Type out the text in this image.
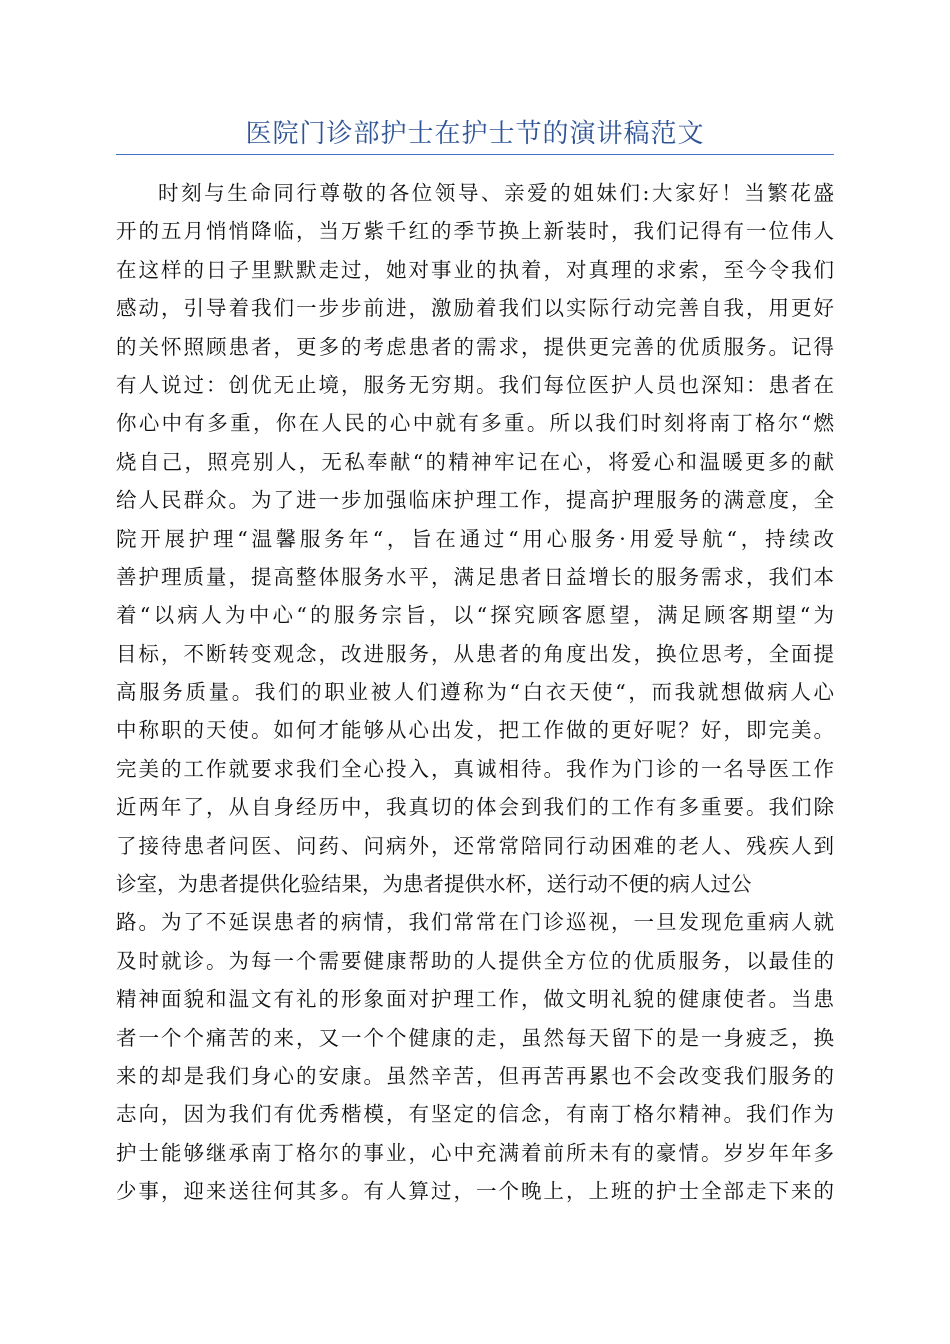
医院门诊部护士在护士节的演讲稿范文
时刻与生命同行尊敬的各位领导、亲爱的姐妹们:大家好！当繁花盛
开的五月悄悄降临，当万紫千红的季节换上新装时，我们记得有一位伟人
在这样的日子里默默走过，她对事业的执着，对真理的求索，至今令我们
感动，引导着我们一步步前进，激励着我们以实际行动完善自我，用更好
的关怀照顾患者，更多的考虑患者的需求，提供更完善的优质服务。记得
有人说过：创优无止境，服务无穷期。我们每位医护人员也深知：患者在
你心中有多重，你在人民的心中就有多重。所以我们时刻将南丁格尔“燃
烧自己，照亮别人，无私奉献“的精神牢记在心，将爱心和温暖更多的献
给人民群众。为了进一步加强临床护理工作，提高护理服务的满意度，全
院开展护理“温馨服务年“，旨在通过“用心服务·用爱导航“，持续改
善护理质量，提高整体服务水平，满足患者日益增长的服务需求，我们本
着“以病人为中心“的服务宗旨，以“探究顾客愿望，满足顾客期望“为
目标，不断转变观念，改进服务，从患者的角度出发，换位思考，全面提
高服务质量。我们的职业被人们遵称为“白衣天使“，而我就想做病人心
中称职的天使。如何才能够从心出发，把工作做的更好呢？好，即完美。
完美的工作就要求我们全心投入，真诚相待。我作为门诊的一名导医工作
近两年了，从自身经历中，我真切的体会到我们的工作有多重要。我们除
了接待患者问医、问药、问病外，还常常陪同行动困难的老人、残疾人到
诊室，为患者提供化验结果，为患者提供水杯，送行动不便的病人过公
路。为了不延误患者的病情，我们常常在门诊巡视，一旦发现危重病人就
及时就诊。为每一个需要健康帮助的人提供全方位的优质服务，以最佳的
精神面貌和温文有礼的形象面对护理工作，做文明礼貌的健康使者。当患
者一个个痛苦的来，又一个个健康的走，虽然每天留下的是一身疲乏，换
来的却是我们身心的安康。虽然辛苦，但再苦再累也不会改变我们服务的
志向，因为我们有优秀楷模，有坚定的信念，有南丁格尔精神。我们作为
护士能够继承南丁格尔的事业，心中充满着前所未有的豪情。岁岁年年多
少事，迎来送往何其多。有人算过，一个晚上，上班的护士全部走下来的
